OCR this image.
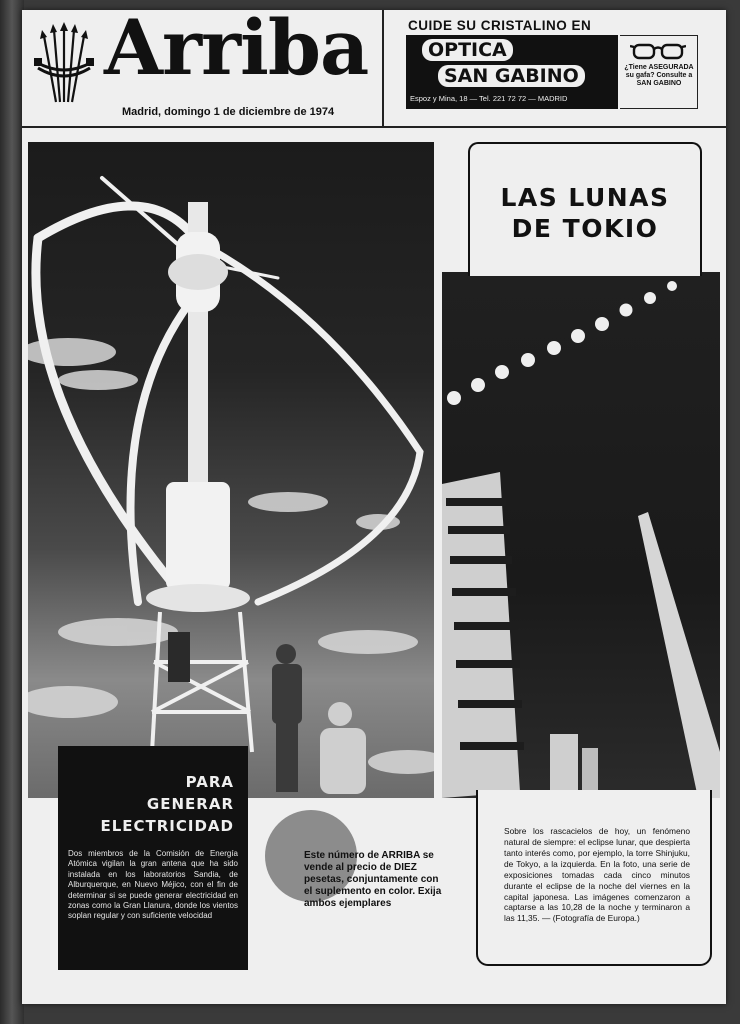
Arriba
Madrid, domingo 1 de diciembre de 1974
CUIDE SU CRISTALINO EN
OPTICA
SAN GABINO
Espoz y Mina, 18 — Tel. 221 72 72 — MADRID
¿Tiene ASEGURADA su gafa? Consulte a SAN GABINO
LAS LUNAS
DE TOKIO
PARA
GENERAR
ELECTRICIDAD
Dos miembros de la Comisión de Energía Atómica vigilan la gran antena que ha sido instalada en los laboratorios Sandia, de Alburquerque, en Nuevo Méjico, con el fin de determinar si se puede generar electricidad en zonas como la Gran Llanura, donde los vientos soplan regular y con suficiente velocidad
Este número de ARRIBA se vende al precio de DIEZ pesetas, conjuntamente con el suplemento en color. Exija ambos ejemplares
Sobre los rascacielos de hoy, un fenómeno natural de siempre: el eclipse lunar, que despierta tanto interés como, por ejemplo, la torre Shinjuku, de Tokyo, a la izquierda. En la foto, una serie de exposiciones tomadas cada cinco minutos durante el eclipse de la noche del viernes en la capital japonesa. Las imágenes comenzaron a captarse a las 10,28 de la noche y terminaron a las 11,35. — (Fotografía de Europa.)
